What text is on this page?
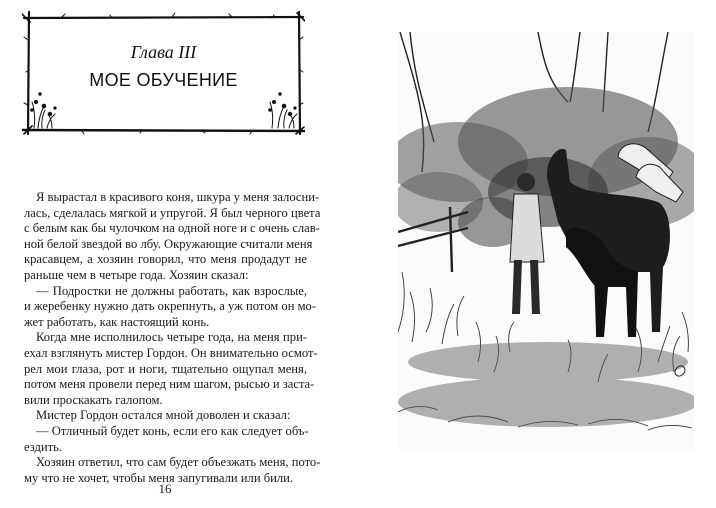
Глава III
МОЕ ОБУЧЕНИЕ
Я вырастал в красивого коня, шкура у меня залосни-
лась, сделалась мягкой и упругой. Я был черного цвета
с белым как бы чулочком на одной ноге и с очень слав-
ной белой звездой во лбу. Окружающие считали меня
красавцем, а хозяин говорил, что меня продадут не
раньше чем в четыре года. Хозяин сказал:
— Подростки не должны работать, как взрослые,
и жеребенку нужно дать окрепнуть, а уж потом он мо-
жет работать, как настоящий конь.
Когда мне исполнилось четыре года, на меня при-
ехал взглянуть мистер Гордон. Он внимательно осмот-
рел мои глаза, рот и ноги, тщательно ощупал меня,
потом меня провели перед ним шагом, рысью и застa-
вили проскакать галопом.
Мистер Гордон остался мной доволен и сказал:
— Отличный будет конь, если его как следует объ-
ездить.
Хозяин ответил, что сам будет объезжать меня, пото-
му что не хочет, чтобы меня запугивали или били.
16
